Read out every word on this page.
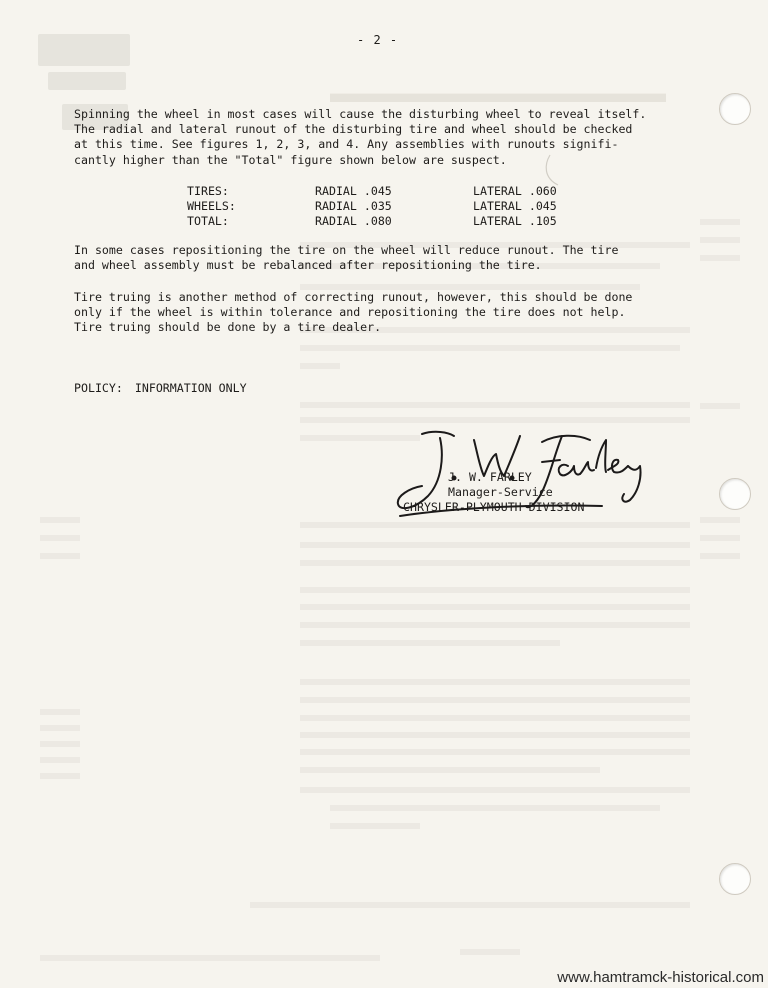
▬▬▬▬▬▬▬▬▬▬▬▬
- 2 -
Spinning the wheel in most cases will cause the disturbing wheel to reveal itself.
The radial and lateral runout of the disturbing tire and wheel should be checked
at this time. See figures 1, 2, 3, and 4. Any assemblies with runouts signifi-
cantly higher than the "Total" figure shown below are suspect.
TIRES:	RADIAL .045	LATERAL .060
WHEELS:	RADIAL .035	LATERAL .045
TOTAL:	RADIAL .080	LATERAL .105
In some cases repositioning the tire on the wheel will reduce runout. The tire
and wheel assembly must be rebalanced after repositioning the tire.
Tire truing is another method of correcting runout, however, this should be done
only if the wheel is within tolerance and repositioning the tire does not help.
Tire truing should be done by a tire dealer.
POLICY: INFORMATION ONLY
J. W. FARLEY
Manager-Service
CHRYSLER-PLYMOUTH DIVISION
www.hamtramck-historical.com
